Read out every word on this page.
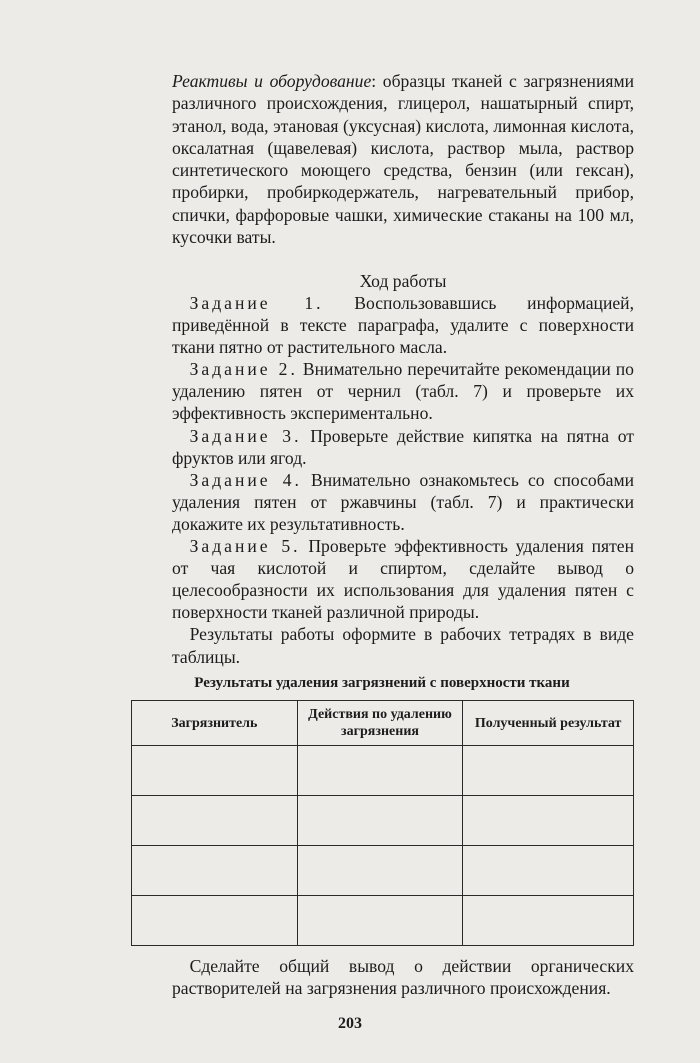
Реактивы и оборудование: образцы тканей с загрязнениями различного происхождения, глицерол, нашатырный спирт, этанол, вода, этановая (уксусная) кислота, лимонная кислота, оксалатная (щавелевая) кислота, раствор мыла, раствор синтетического моющего средства, бензин (или гексан), пробирки, пробиркодержатель, нагревательный прибор, спички, фарфоровые чашки, химические стаканы на 100 мл, кусочки ваты.

Ход работы

 Задание 1. Воспользовавшись информацией, приведённой в тексте параграфа, удалите с поверхности ткани пятно от растительного масла.

 Задание 2. Внимательно перечитайте рекомендации по удалению пятен от чернил (табл. 7) и проверьте их эффективность экспериментально.

 Задание 3. Проверьте действие кипятка на пятна от фруктов или ягод.

 Задание 4. Внимательно ознакомьтесь со способами удаления пятен от ржавчины (табл. 7) и практически докажите их результативность.

 Задание 5. Проверьте эффективность удаления пятен от чая кислотой и спиртом, сделайте вывод о целесообразности их использования для удаления пятен с поверхности тканей различной природы.

 Результаты работы оформите в рабочих тетрадях в виде таблицы.

Результаты удаления загрязнений с поверхности ткани

Загрязнитель	Действия по удалению загрязнения	Полученный результат

 Сделайте общий вывод о действии органических растворителей на загрязнения различного происхождения.

203
